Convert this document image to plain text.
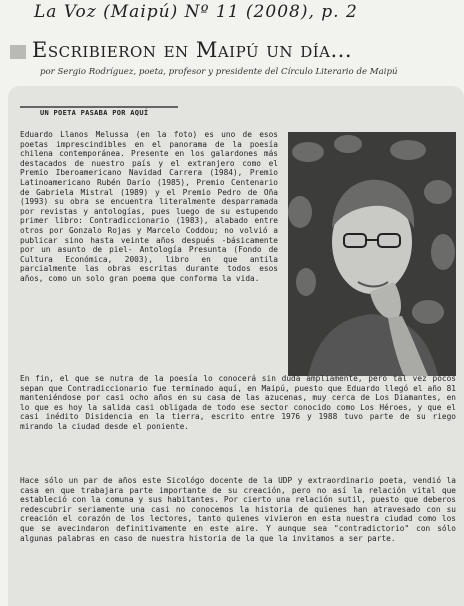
La Voz (Maipú) Nº 11 (2008), p. 2
Escribieron en Maipú un día...
por Sergio Rodríguez, poeta, profesor y presidente del Círculo Literario de Maipú
UN POETA PASABA POR AQUÍ

Eduardo Llanos Melussa (en la foto) es uno de esos poetas imprescindibles en el panorama de la poesía chilena contemporánea. Presente en los galardones más destacados de nuestro país y el extranjero como el Premio Iberoamericano Navidad Carrera (1984), Premio Latinoamericano Rubén Darío (1985), Premio Centenario de Gabriela Mistral (1989) y el Premio Pedro de Oña (1993) su obra se encuentra literalmente desparramada por revistas y antologías, pues luego de su estupendo primer libro: Contradiccionario (1983), alabado entre otros por Gonzalo Rojas y Marcelo Coddou; no volvió a publicar sino hasta veinte años después -básicamente por un asunto de piel- Antología Presunta (Fondo de Cultura Económica, 2003), libro en que antila parcialmente las obras escritas durante todos esos años, como un solo gran poema que conforma la vida.

En fin, el que se nutra de la poesía lo conocerá sin duda ampliamente, pero tal vez pocos sepan que Contradiccionario fue terminado aquí, en Maipú, puesto que Eduardo llegó el año 81 manteniéndose por casi ocho años en su casa de las azucenas, muy cerca de Los Diamantes, en lo que es hoy la salida casi obligada de todo ese sector conocido como Los Héroes, y que el casi inédito Disidencia en la tierra, escrito entre 1976 y 1988 tuvo parte de su riego mirando la ciudad desde el poniente.

Hace sólo un par de años este Sicológo docente de la UDP y extraordinario poeta, vendió la casa en que trabajara parte importante de su creación, pero no así la relación vital que estableció con la comuna y sus habitantes. Por cierto una relación sutil, puesto que deberos redescubrir seriamente una casi no conocemos la historia de quienes han atravesado con su creación el corazón de los lectores, tanto quienes vivieron en esta nuestra ciudad como los que se avecindaron definitivamente en este aire. Y aunque sea "contradictorio" con sólo algunas palabras en caso de nuestra historia de la que la invitamos a ser parte.
